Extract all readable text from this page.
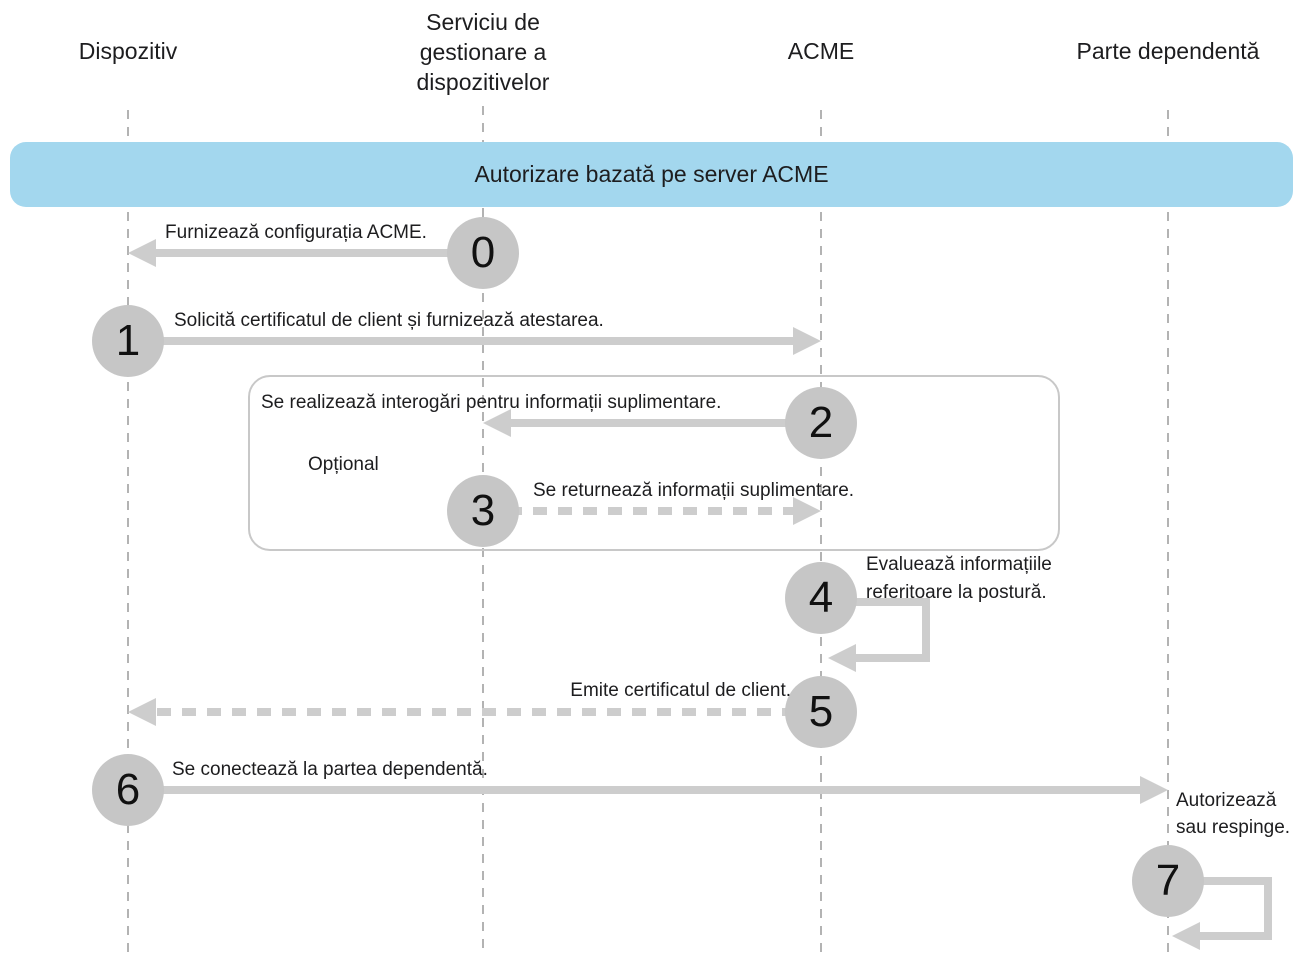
Dispozitiv
Serviciu de
gestionare a
dispozitivelor
ACME	Parte dependentă
Autorizare bazată pe server ACME
Opțional
0
1
2
3
4
5
6
7
Furnizează configurația ACME.
Solicită certificatul de client și furnizează atestarea.
Se realizează interogări pentru informații suplimentare.
Se returnează informații suplimentare.
Evaluează informațiile
referitoare la postură.
Emite certificatul de client.
Se conectează la partea dependentă.
Autorizează
sau respinge.
